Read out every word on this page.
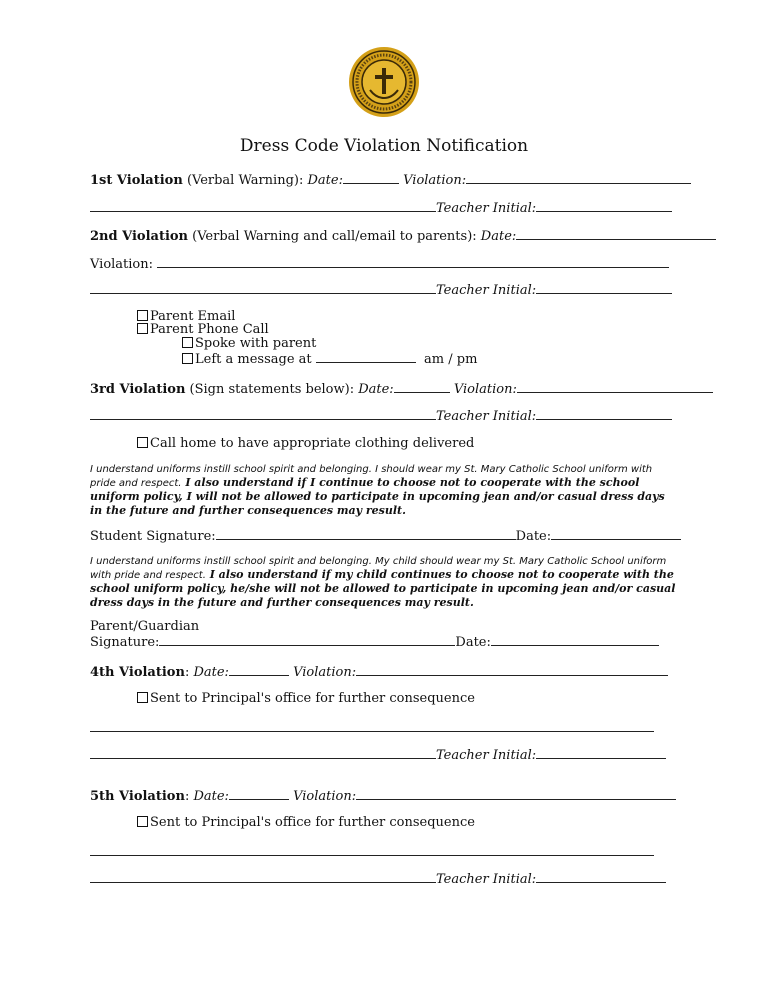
Dress Code Violation Notification
1st Violation (Verbal Warning): Date:	Violation:
Teacher Initial:
2nd Violation (Verbal Warning and call/email to parents): Date:
Violation:
Teacher Initial:
Parent Email
Parent Phone Call
Spoke with parent
Left a message at	am / pm
3rd Violation (Sign statements below): Date:	Violation:
Teacher Initial:
Call home to have appropriate clothing delivered
I understand uniforms instill school spirit and belonging. I should wear my St. Mary Catholic School uniform with pride and respect. I also understand if I continue to choose not to cooperate with the school uniform policy, I will not be allowed to participate in upcoming jean and/or casual dress days in the future and further consequences may result.
Student Signature:	Date:
I understand uniforms instill school spirit and belonging. My child should wear my St. Mary Catholic School uniform with pride and respect. I also understand if my child continues to choose not to cooperate with the school uniform policy, he/she will not be allowed to participate in upcoming jean and/or casual dress days in the future and further consequences may result.
Parent/Guardian
Signature:	Date:
4th Violation: Date:	Violation:
Sent to Principal's office for further consequence
Teacher Initial:
5th Violation: Date:	Violation:
Sent to Principal's office for further consequence
Teacher Initial:
